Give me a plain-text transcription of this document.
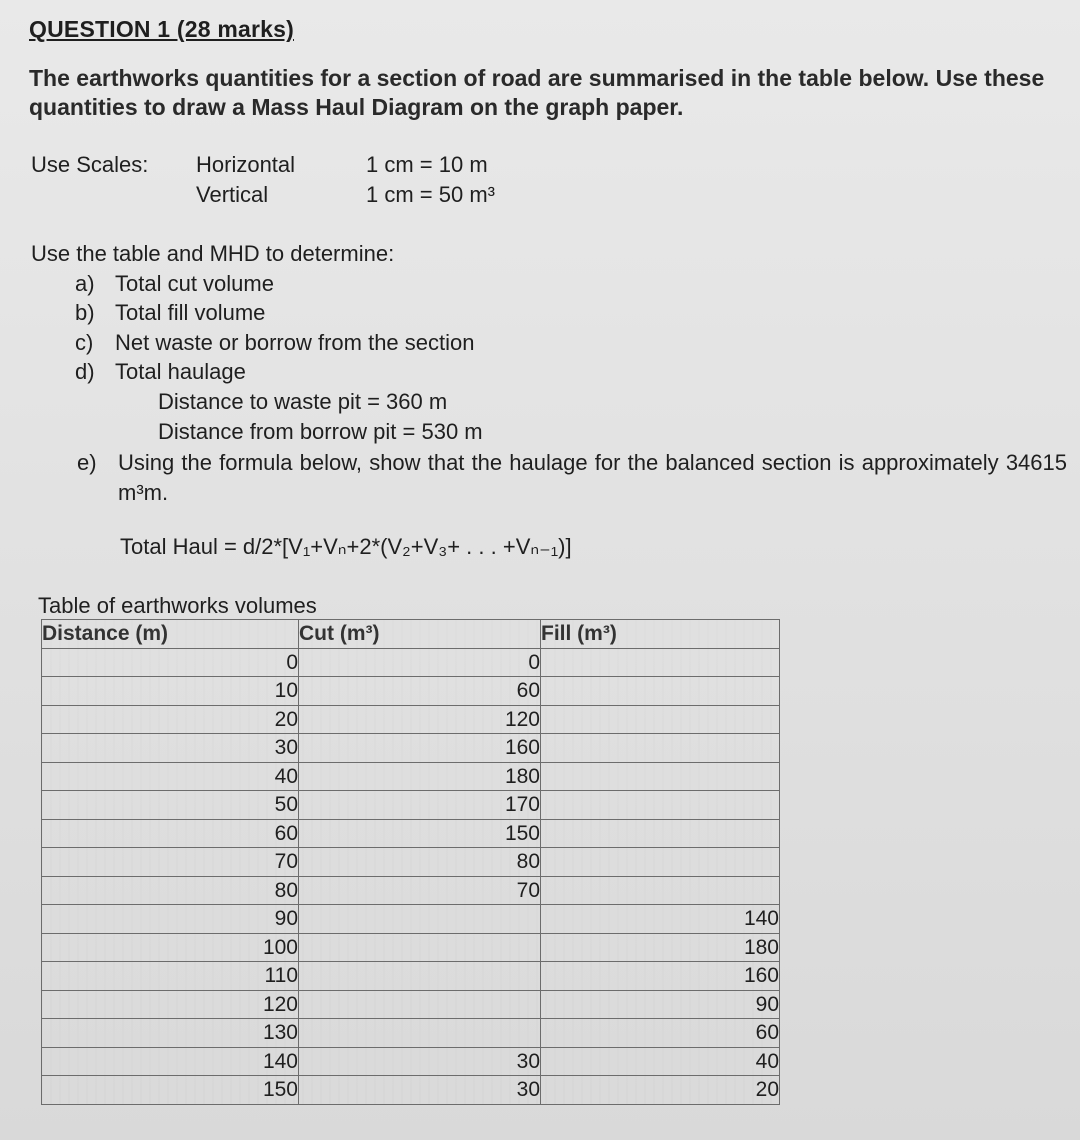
QUESTION 1 (28 marks)
The earthworks quantities for a section of road are summarised in the table below. Use these quantities to draw a Mass Haul Diagram on the graph paper.
Use Scales: Horizontal	1 cm = 10 m
Vertical	1 cm = 50 m³
Use the table and MHD to determine:
a) Total cut volume
b) Total fill volume
c) Net waste or borrow from the section
d) Total haulage
Distance to waste pit = 360 m
Distance from borrow pit = 530 m
e) Using the formula below, show that the haulage for the balanced section is approximately 34615 m³m.
Total Haul = d/2*[V₁+Vₙ+2*(V₂+V₃+ . . . +Vₙ₋₁)]
Table of earthworks volumes
Distance (m)	Cut (m³)	Fill (m³)
0	0	
10	60	
20	120	
30	160	
40	180	
50	170	
60	150	
70	80	
80	70	
90		140
100		180
110		160
120		90
130		60
140	30	40
150	30	20
